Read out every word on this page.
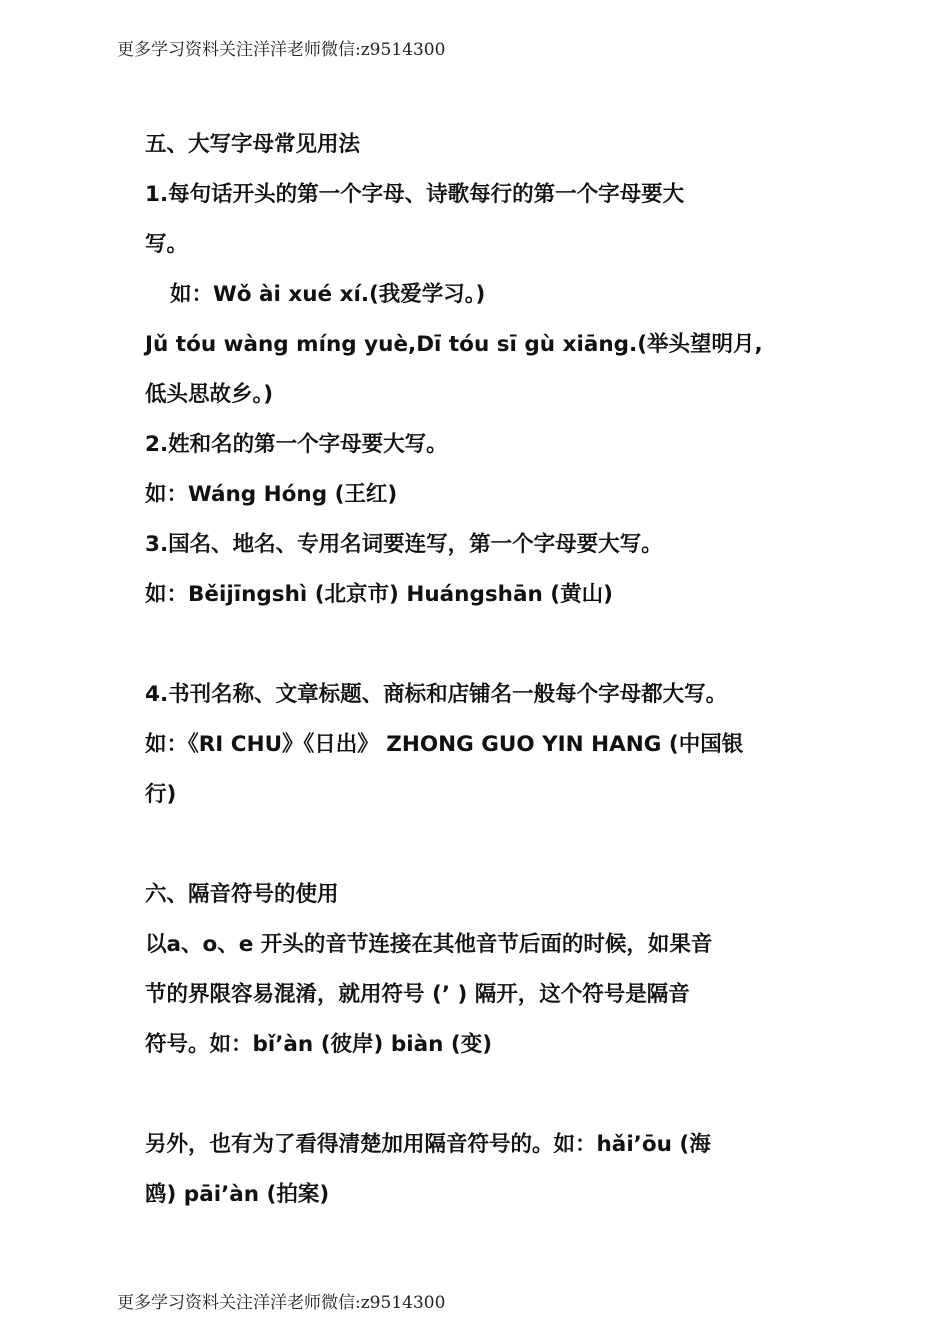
更多学习资料关注洋洋老师微信:z9514300
五、大写字母常见用法
1.每句话开头的第一个字母、诗歌每行的第一个字母要大
写。
如：Wǒ ài xué xí.(我爱学习。)
Jǔ tóu wàng míng yuè,Dī tóu sī gù xiāng.(举头望明月,
低头思故乡。)
2.姓和名的第一个字母要大写。
如：Wáng Hóng (王红)
3.国名、地名、专用名词要连写，第一个字母要大写。
如：Běijīngshì (北京市) Huángshān (黄山)
4.书刊名称、文章标题、商标和店铺名一般每个字母都大写。
如：《RI CHU》《日出》 ZHONG GUO YIN HANG (中国银
行)
六、隔音符号的使用
以a、o、e 开头的音节连接在其他音节后面的时候，如果音
节的界限容易混淆，就用符号 (’ ) 隔开，这个符号是隔音
符号。如：bǐ’àn (彼岸) biàn (变)
另外，也有为了看得清楚加用隔音符号的。如：hǎi’ōu (海
鸥) pāi’àn (拍案)
更多学习资料关注洋洋老师微信:z9514300
